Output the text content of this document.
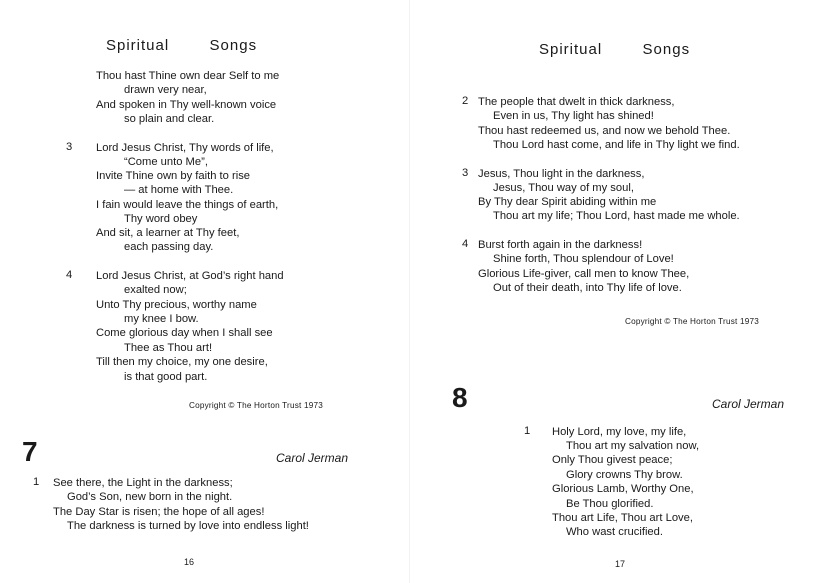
Spiritual	Songs
Thou hast Thine own dear Self to me
drawn very near,
And spoken in Thy well-known voice
so plain and clear.
3 Lord Jesus Christ, Thy words of life,
“Come unto Me”,
Invite Thine own by faith to rise
— at home with Thee.
I fain would leave the things of earth,
Thy word obey
And sit, a learner at Thy feet,
each passing day.
4 Lord Jesus Christ, at God’s right hand
exalted now;
Unto Thy precious, worthy name
my knee I bow.
Come glorious day when I shall see
Thee as Thou art!
Till then my choice, my one desire,
is that good part.
Copyright © The Horton Trust 1973
7	Carol Jerman
1 See there, the Light in the darkness;
God’s Son, new born in the night.
The Day Star is risen; the hope of all ages!
The darkness is turned by love into endless light!
16
Spiritual	Songs
2 The people that dwelt in thick darkness,
Even in us, Thy light has shined!
Thou hast redeemed us, and now we behold Thee.
Thou Lord hast come, and life in Thy light we find.
3 Jesus, Thou light in the darkness,
Jesus, Thou way of my soul,
By Thy dear Spirit abiding within me
Thou art my life; Thou Lord, hast made me whole.
4 Burst forth again in the darkness!
Shine forth, Thou splendour of Love!
Glorious Life-giver, call men to know Thee,
Out of their death, into Thy life of love.
Copyright © The Horton Trust 1973
8	Carol Jerman
1 Holy Lord, my love, my life,
Thou art my salvation now,
Only Thou givest peace;
Glory crowns Thy brow.
Glorious Lamb, Worthy One,
Be Thou glorified.
Thou art Life, Thou art Love,
Who wast crucified.
17
